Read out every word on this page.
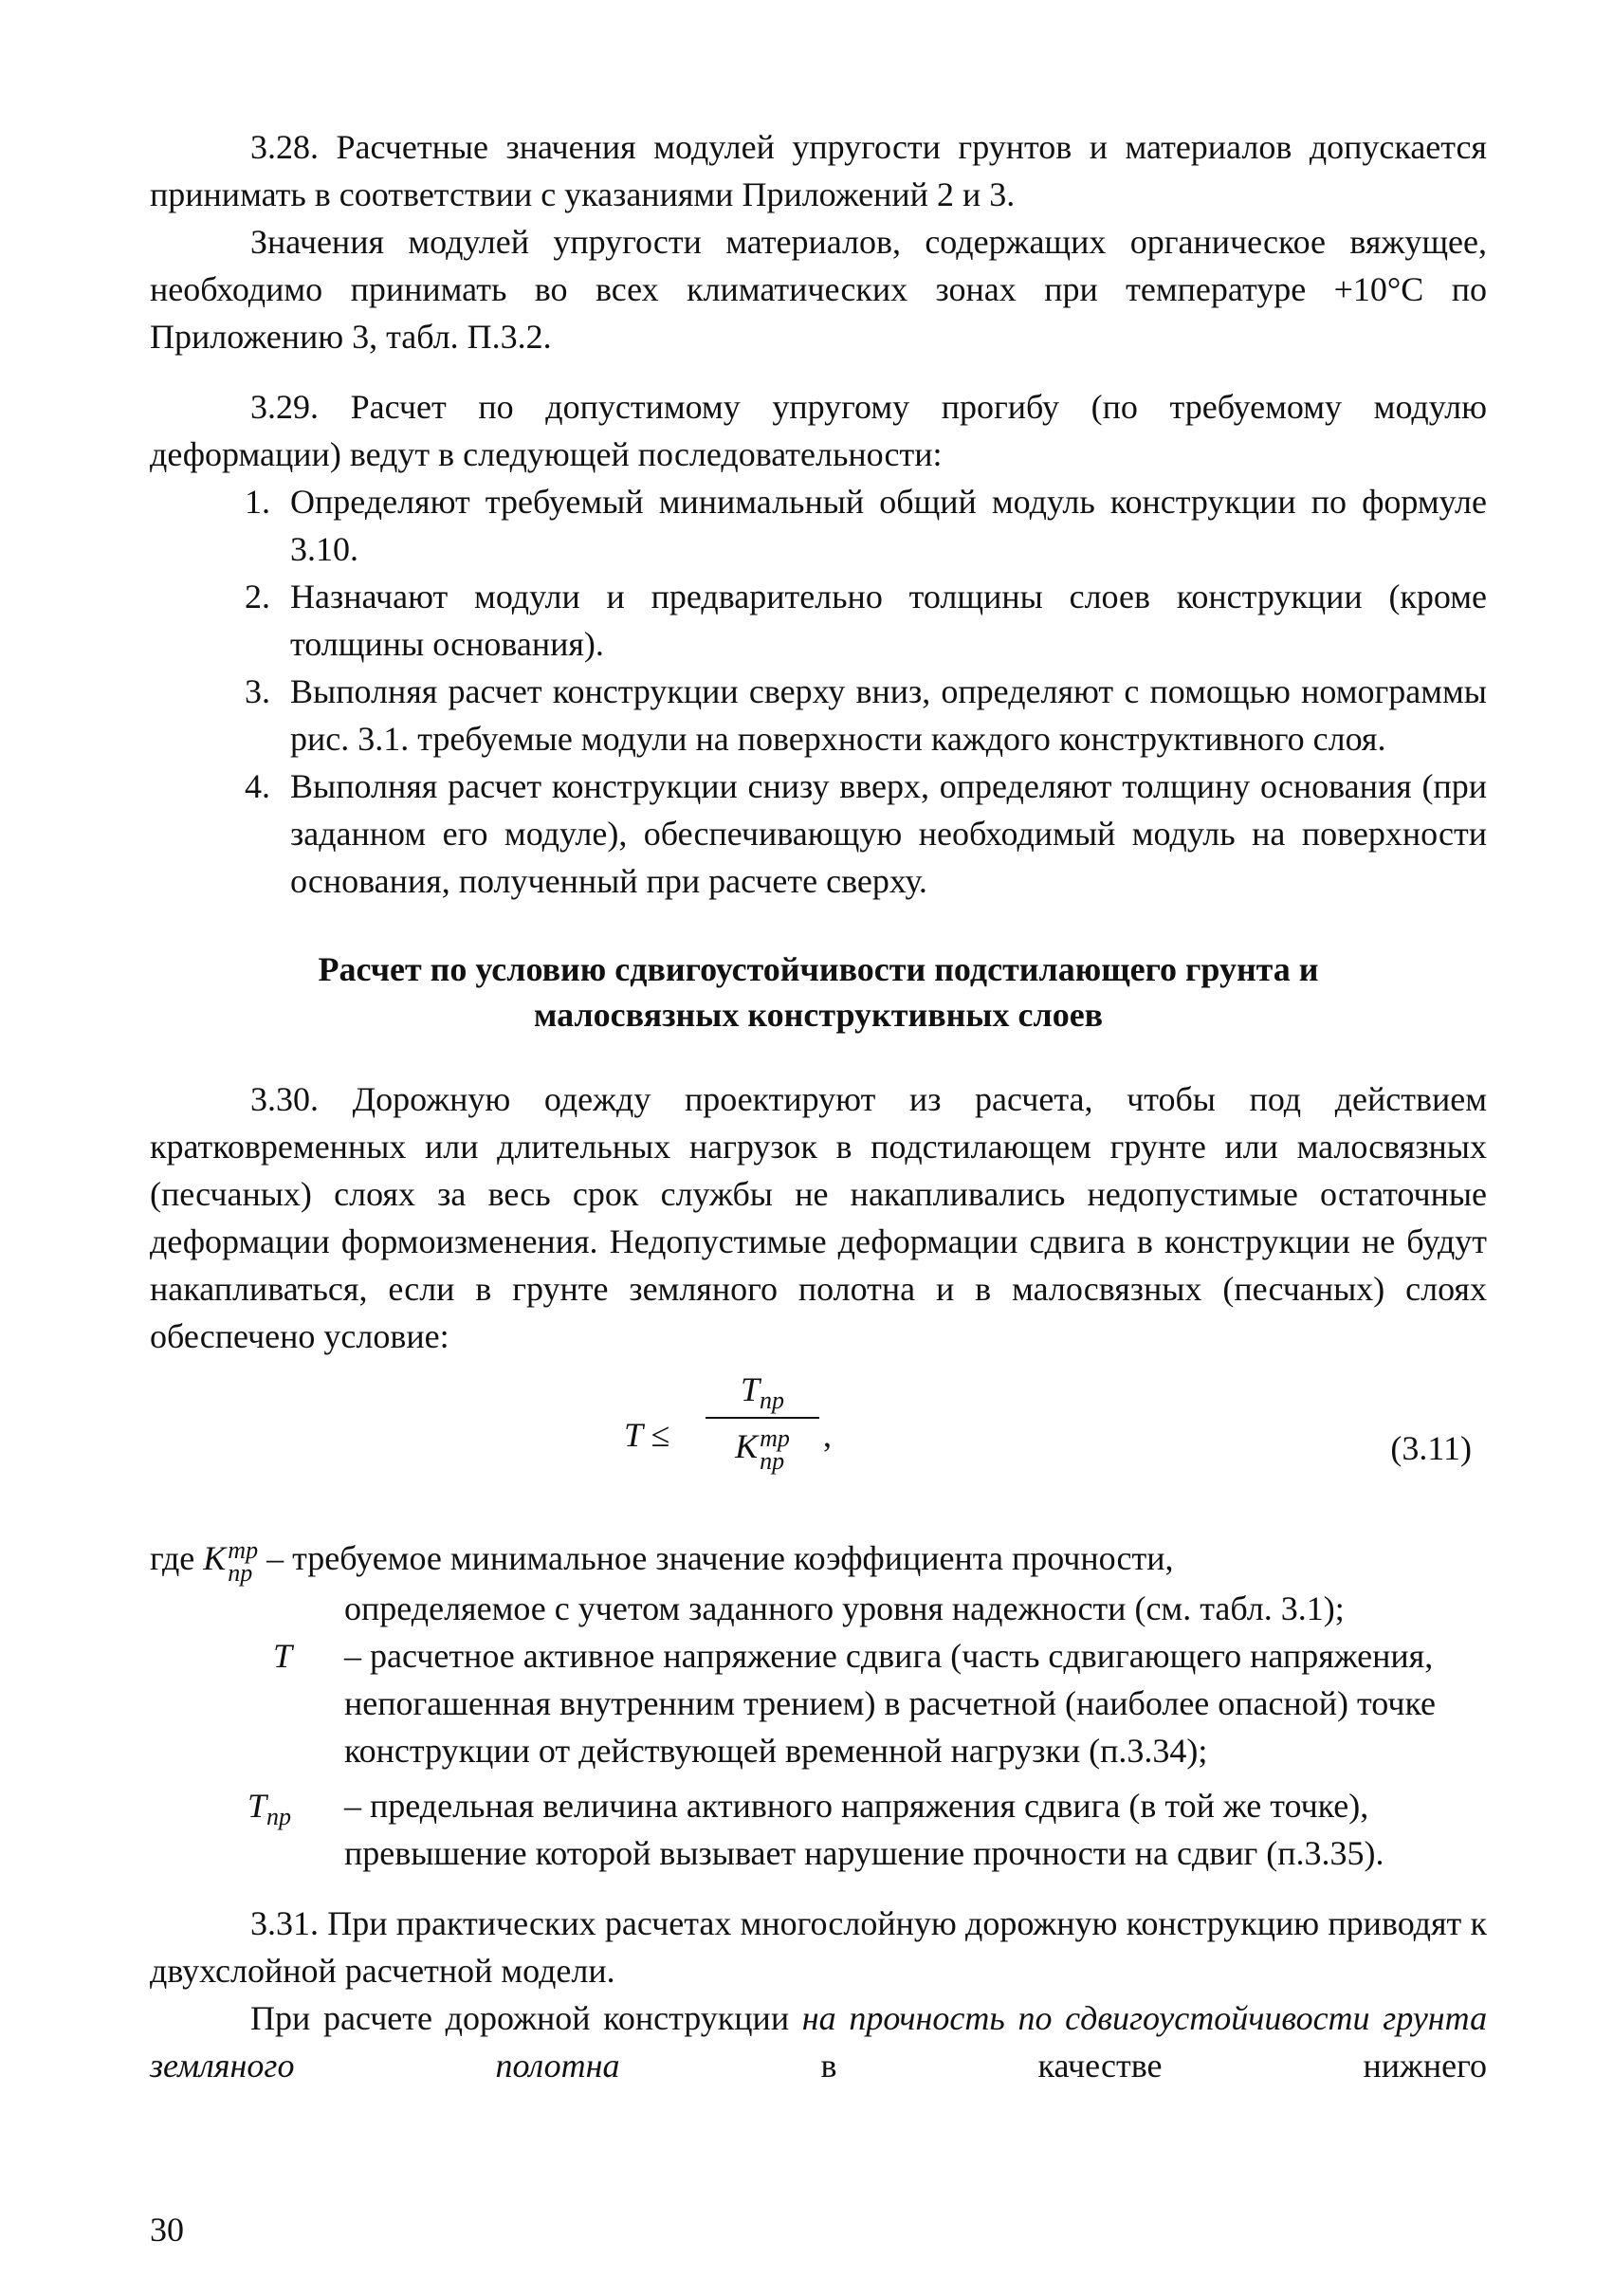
3.28. Расчетные значения модулей упругости грунтов и материалов допускается принимать в соответствии с указаниями Приложений 2 и 3.

Значения модулей упругости материалов, содержащих органическое вяжущее, необходимо принимать во всех климатических зонах при температуре +10°С по Приложению 3, табл. П.3.2.

3.29. Расчет по допустимому упругому прогибу (по требуемому модулю деформации) ведут в следующей последовательности:

1. Определяют требуемый минимальный общий модуль конструкции по формуле 3.10.
2. Назначают модули и предварительно толщины слоев конструкции (кроме толщины основания).
3. Выполняя расчет конструкции сверху вниз, определяют с помощью номограммы рис. 3.1. требуемые модули на поверхности каждого конструктивного слоя.
4. Выполняя расчет конструкции снизу вверх, определяют толщину основания (при заданном его модуле), обеспечивающую необходимый модуль на поверхности основания, полученный при расчете сверху.
Расчет по условию сдвигоустойчивости подстилающего грунта и
малосвязных конструктивных слоев

3.30. Дорожную одежду проектируют из расчета, чтобы под действием кратковременных или длительных нагрузок в подстилающем грунте или малосвязных (песчаных) слоях за весь срок службы не накапливались недопустимые остаточные деформации формоизменения. Недопустимые деформации сдвига в конструкции не будут накапливаться, если в грунте земляного полотна и в малосвязных (песчаных) слоях обеспечено условие:

T ≤
$T_{пр}$
K тр
пр
,	(3.11)
где K тр
пр – требуемое минимальное значение коэффициента прочности,
определяемое с учетом заданного уровня надежности (см. табл. 3.1);
T – расчетное активное напряжение сдвига (часть сдвигающего напряжения, непогашенная внутренним трением) в расчетной (наиболее опасной) точке конструкции от действующей временной нагрузки (п.3.34);
$T_{пр}$ – предельная величина активного напряжения сдвига (в той же точке), превышение которой вызывает нарушение прочности на сдвиг (п.3.35).

3.31. При практических расчетах многослойную дорожную конструкцию приводят к двухслойной расчетной модели.

При расчете дорожной конструкции на прочность по сдвигоустойчивости грунта земляного	полотна	в	качестве	нижнего

30
